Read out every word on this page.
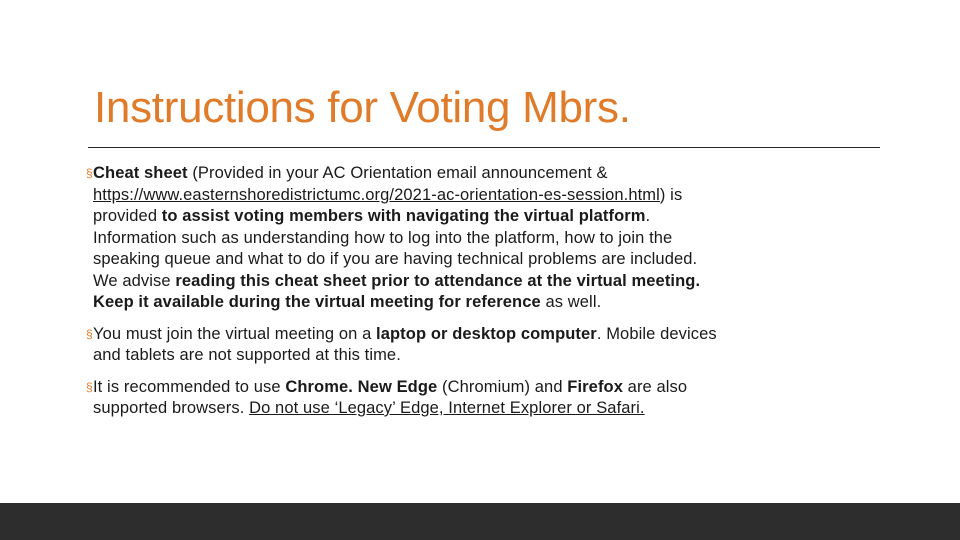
Instructions for Voting Mbrs.

§ Cheat sheet (Provided in your AC Orientation email announcement & https://www.easternshoredistrictumc.org/2021-ac-orientation-es-session.html) is provided to assist voting members with navigating the virtual platform. Information such as understanding how to log into the platform, how to join the speaking queue and what to do if you are having technical problems are included. We advise reading this cheat sheet prior to attendance at the virtual meeting. Keep it available during the virtual meeting for reference as well.

§ You must join the virtual meeting on a laptop or desktop computer. Mobile devices and tablets are not supported at this time.

§ It is recommended to use Chrome. New Edge (Chromium) and Firefox are also supported browsers. Do not use ‘Legacy’ Edge, Internet Explorer or Safari.
